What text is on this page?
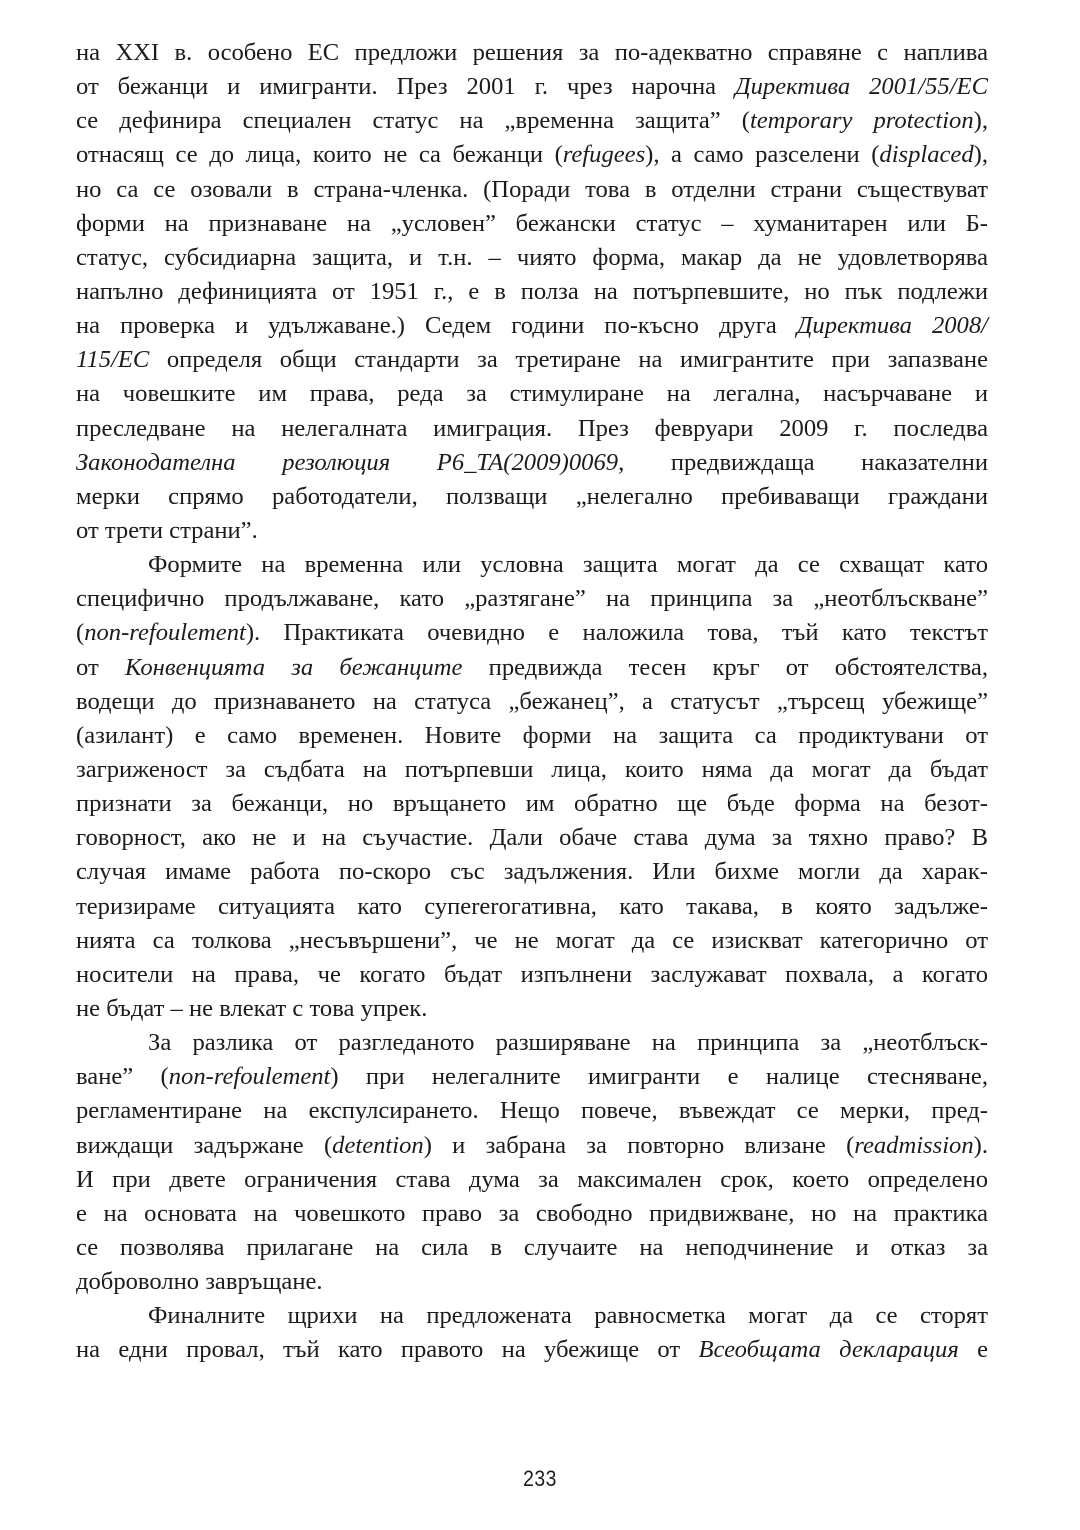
на XXI в. особено ЕС предложи решения за по-адекватно справяне с наплива
от бежанци и имигранти. През 2001 г. чрез нарочна Директива 2001/55/ЕС
се дефинира специален статус на „временна защита” (temporary protection),
отнасящ се до лица, които не са бежанци (refugees), а само разселени (displaced),
но са се озовали в страна-членка. (Поради това в отделни страни съществуват
форми на признаване на „условен” бежански статус – хуманитарен или Б-
статус, субсидиарна защита, и т.н. – чиято форма, макар да не удовлетворява
напълно дефиницията от 1951 г., е в полза на потърпевшите, но пък подлежи
на проверка и удължаване.) Седем години по-късно друга Директива 2008/
115/ЕС определя общи стандарти за третиране на имигрантите при запазване
на човешките им права, реда за стимулиране на легална, насърчаване и
преследване на нелегалната имиграция. През февруари 2009 г. последва
Законодателна резолюция P6_TA(2009)0069, предвиждаща наказателни
мерки спрямо работодатели, ползващи „нелегално пребиваващи граждани
от трети страни”.
Формите на временна или условна защита могат да се схващат като
специфично продължаване, като „разтягане” на принципа за „неотблъскване”
(non-refoulement). Практиката очевидно е наложила това, тъй като текстът
от Конвенцията за бежанците предвижда тесен кръг от обстоятелства,
водещи до признаването на статуса „бежанец”, а статусът „търсещ убежище”
(азилант) е само временен. Новите форми на защита са продиктувани от
загриженост за съдбата на потърпевши лица, които няма да могат да бъдат
признати за бежанци, но връщането им обратно ще бъде форма на безот-
говорност, ако не и на съучастие. Дали обаче става дума за тяхно право? В
случая имаме работа по-скоро със задължения. Или бихме могли да харак-
теризираме ситуацията като супererогативна, като такава, в която задълже-
нията са толкова „несъвършени”, че не могат да се изискват категорично от
носители на права, че когато бъдат изпълнени заслужават похвала, а когато
не бъдат – не влекат с това упрек.
За разлика от разгледаното разширяване на принципа за „неотблъск-
ване” (non-refoulement) при нелегалните имигранти е налице стесняване,
регламентиране на експулсирането. Нещо повече, въвеждат се мерки, пред-
виждащи задържане (detention) и забрана за повторно влизане (readmission).
И при двете ограничения става дума за максимален срок, което определено
е на основата на човешкото право за свободно придвижване, но на практика
се позволява прилагане на сила в случаите на неподчинение и отказ за
доброволно завръщане.
Финалните щрихи на предложената равносметка могат да се сторят
на едни провал, тъй като правото на убежище от Всеобщата декларация е
233
